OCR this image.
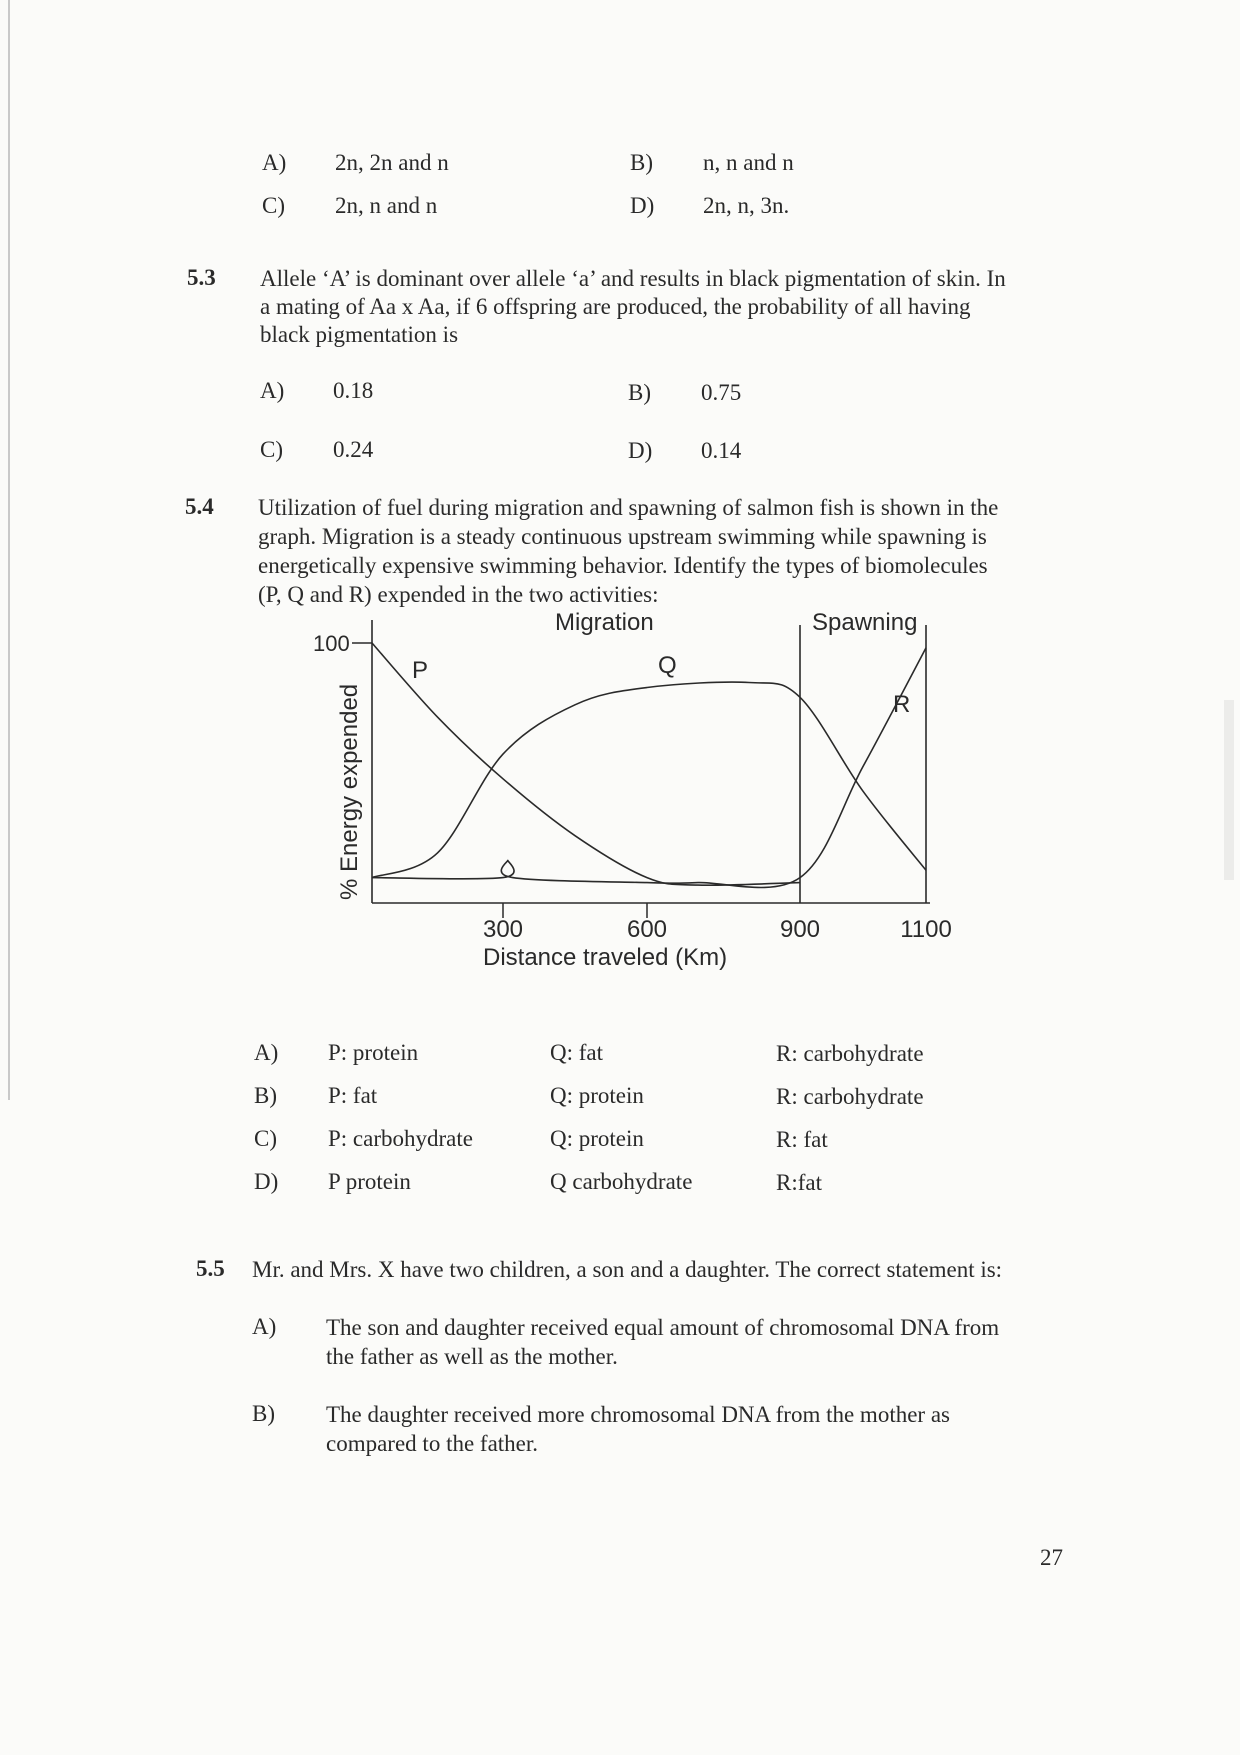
A) 2n, 2n and n	B) n, n and n
C) 2n, n and n	D) 2n, n, 3n.
5.3 Allele ‘A’ is dominant over allele ‘a’ and results in black pigmentation of skin. In
a mating of Aa x Aa, if 6 offspring are produced, the probability of all having
black pigmentation is
A) 0.18	B) 0.75
C) 0.24	D) 0.14
5.4 Utilization of fuel during migration and spawning of salmon fish is shown in the
graph. Migration is a steady continuous upstream swimming while spawning is
energetically expensive swimming behavior. Identify the types of biomolecules
(P, Q and R) expended in the two activities:
Migration	Spawning
100
% Energy expended
Distance traveled (Km)
300	600	900	1100
P	Q
R
A) P: protein	Q: fat	R: carbohydrate
B) P: fat	Q: protein	R: carbohydrate
C) P: carbohydrate	Q: protein	R: fat
D) P protein	Q carbohydrate	R:fat
5.5 Mr. and Mrs. X have two children, a son and a daughter. The correct statement is:
A) The son and daughter received equal amount of chromosomal DNA from
the father as well as the mother.
B) The daughter received more chromosomal DNA from the mother as
compared to the father.
27
